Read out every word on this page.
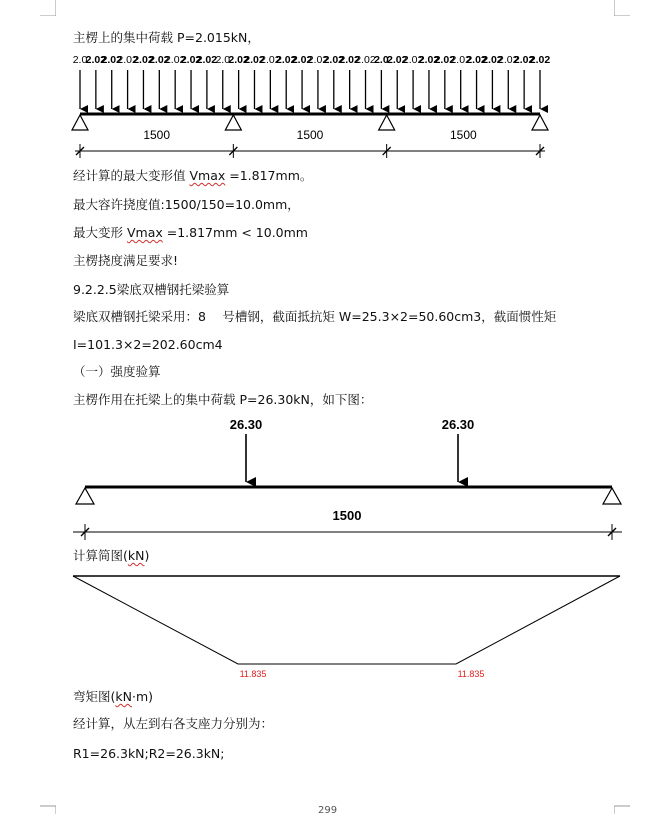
主楞上的集中荷载 P=2.015kN，
2.0
2.02
2.02
2.02
2.02
2.02
2.02
2.02
2.02
2.0
2.02
2.02
2.02
2.02
2.02
2.02
2.02
2.02
2.02
2.0
2.02
2.02
2.02
2.02
2.02
2.02
2.02
2.02
2.02
2.02
1500	1500	1500
经计算的最大变形值 Vmax =1.817mm。
最大容许挠度值:1500/150=10.0mm，
最大变形 Vmax =1.817mm < 10.0mm
主楞挠度满足要求!
9.2.2.5梁底双槽钢托梁验算
梁底双槽钢托梁采用：8　 号槽钢，截面抵抗矩 W=25.3×2=50.60cm3，截面惯性矩
I=101.3×2=202.60cm4
（一）强度验算
主楞作用在托梁上的集中荷载 P=26.30kN，如下图：
26.30	26.30
1500
计算简图(kN)
11.835	11.835
弯矩图(kN·m)
经计算，从左到右各支座力分别为：
R1=26.3kN;R2=26.3kN;
299
